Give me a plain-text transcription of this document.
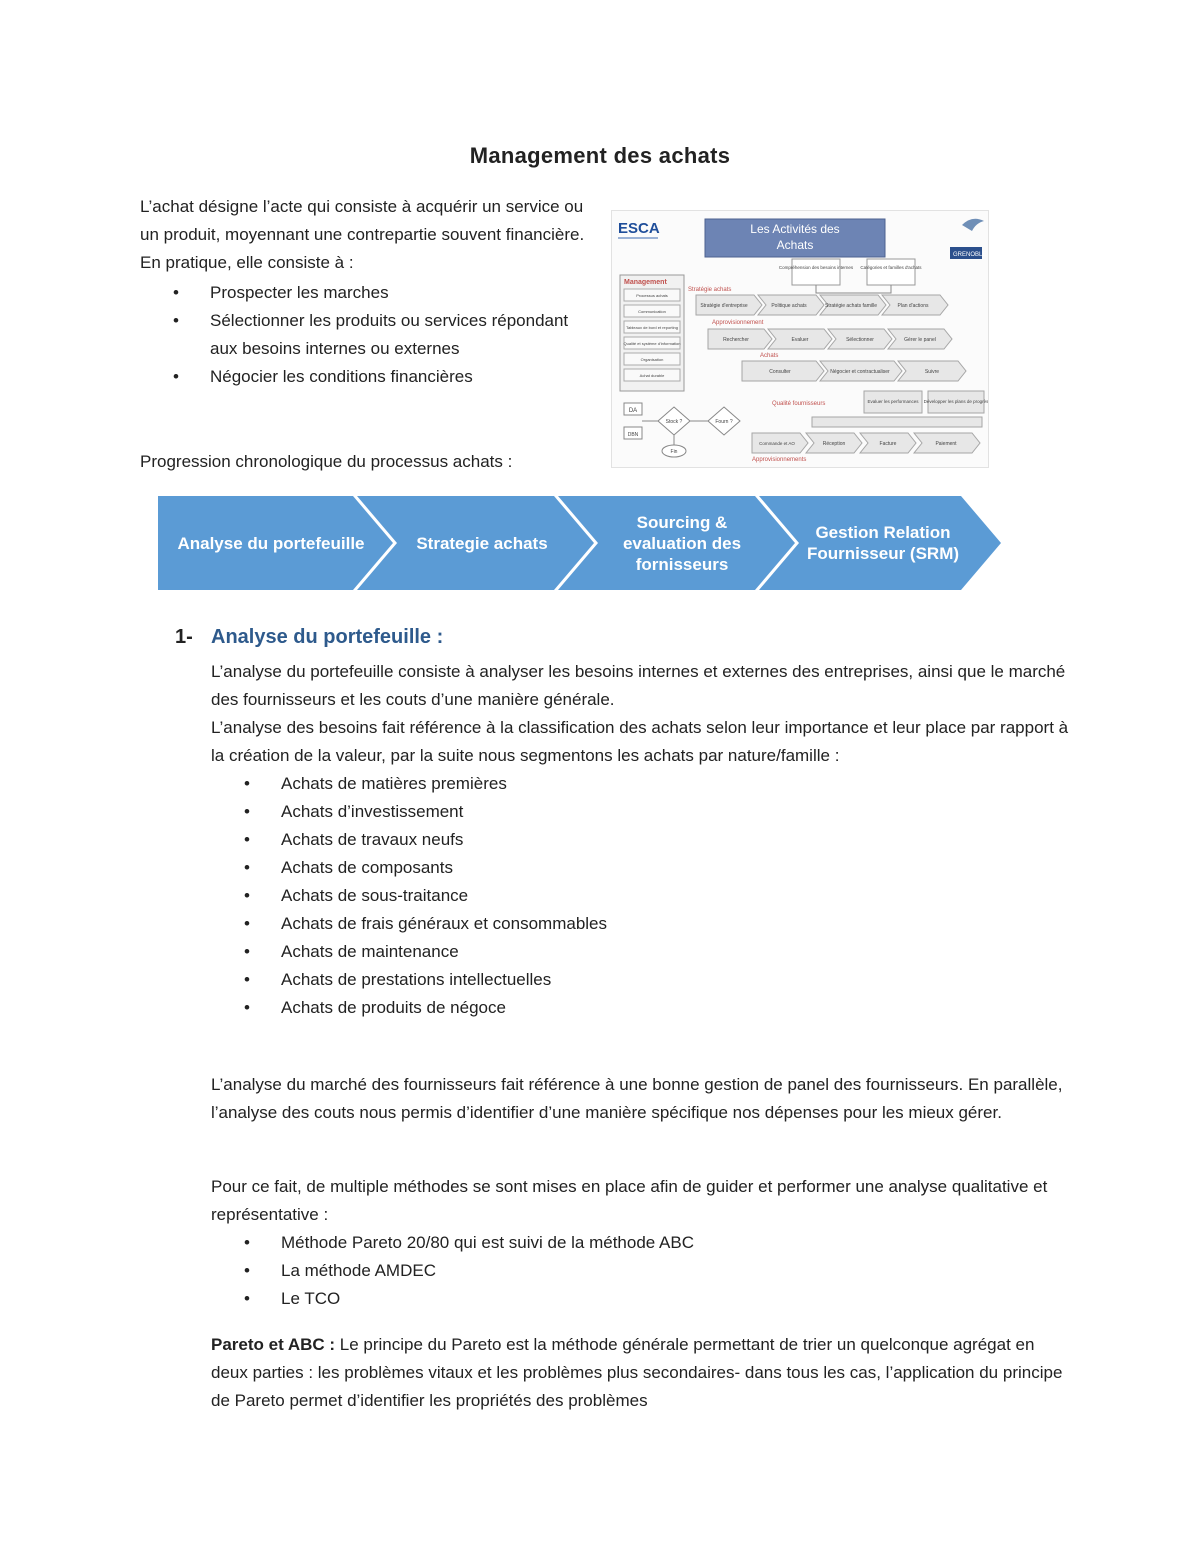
Management des achats

L’achat désigne l’acte qui consiste à acquérir un service ou un produit, moyennant une contrepartie souvent financière. En pratique, elle consiste à :

• Prospecter les marches
• Sélectionner les produits ou services répondant aux besoins internes ou externes
• Négocier les conditions financières
ESCA
GRENOBLE
Les Activités des
Achats
Compréhension des besoins internes Catégories et familles d'achats
Management
Processus achats
Communication
Tableaux de bord et reporting
Qualité et système d'information
Organisation
Achat durable
Stratégie achats
Stratégie d'entreprise	Politique achats	Stratégie achats famille	Plan d'actions
Approvisionnement
Rechercher	Evaluer	Sélectionner	Gérer le panel
Achats
Consulter	Négocier et contractualiser	Suivre
Qualité fournisseurs	Evaluer les performances Développer les plans de progrès
DA
DBN
Stock ?	Fourn ?
Fin
Commande et AO	Réception	Facture	Paiement
Approvisionnements
Progression chronologique du processus achats :
Analyse du portefeuille	Strategie achats
Sourcing & evaluation des fornisseurs
Gestion Relation Fournisseur (SRM)
1- Analyse du portefeuille :

L’analyse du portefeuille consiste à analyser les besoins internes et externes des entreprises, ainsi que le marché des fournisseurs et les couts d’une manière générale.

L’analyse des besoins fait référence à la classification des achats selon leur importance et leur place par rapport à la création de la valeur, par la suite nous segmentons les achats par nature/famille :

• Achats de matières premières
• Achats d’investissement
• Achats de travaux neufs
• Achats de composants
• Achats de sous-traitance
• Achats de frais généraux et consommables
• Achats de maintenance
• Achats de prestations intellectuelles
• Achats de produits de négoce

L’analyse du marché des fournisseurs fait référence à une bonne gestion de panel des fournisseurs. En parallèle, l’analyse des couts nous permis d’identifier d’une manière spécifique nos dépenses pour les mieux gérer.

Pour ce fait, de multiple méthodes se sont mises en place afin de guider et performer une analyse qualitative et représentative :

• Méthode Pareto 20/80 qui est suivi de la méthode ABC
• La méthode AMDEC
• Le TCO

Pareto et ABC : Le principe du Pareto est la méthode générale permettant de trier un quelconque agrégat en deux parties : les problèmes vitaux et les problèmes plus secondaires- dans tous les cas, l’application du principe de Pareto permet d’identifier les propriétés des problèmes
